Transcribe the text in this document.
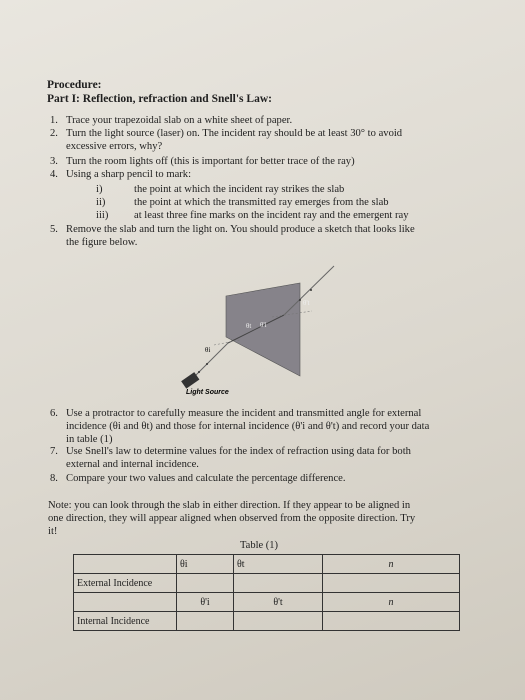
Procedure:
Part I: Reflection, refraction and Snell's Law:
1. Trace your trapezoidal slab on a white sheet of paper.
2. Turn the light source (laser) on. The incident ray should be at least 30° to avoid
excessive errors, why?
3. Turn the room lights off (this is important for better trace of the ray)
4. Using a sharp pencil to mark:
i)	the point at which the incident ray strikes the slab
ii)	the point at which the transmitted ray emerges from the slab
iii) at least three fine marks on the incident ray and the emergent ray
5. Remove the slab and turn the light on. You should produce a sketch that looks like
the figure below.
Light Source
θi
θt θ'i
θ't
6. Use a protractor to carefully measure the incident and transmitted angle for external
incidence (θi and θt) and those for internal incidence (θ'i and θ't) and record your data
in table (1)
7. Use Snell's law to determine values for the index of refraction using data for both
external and internal incidence.
8. Compare your two values and calculate the percentage difference.
Note: you can look through the slab in either direction. If they appear to be aligned in
one direction, they will appear aligned when observed from the opposite direction. Try
it!
Table (1)
	θi	θt	n
External Incidence			
	θ'i	θ't	n
Internal Incidence			
